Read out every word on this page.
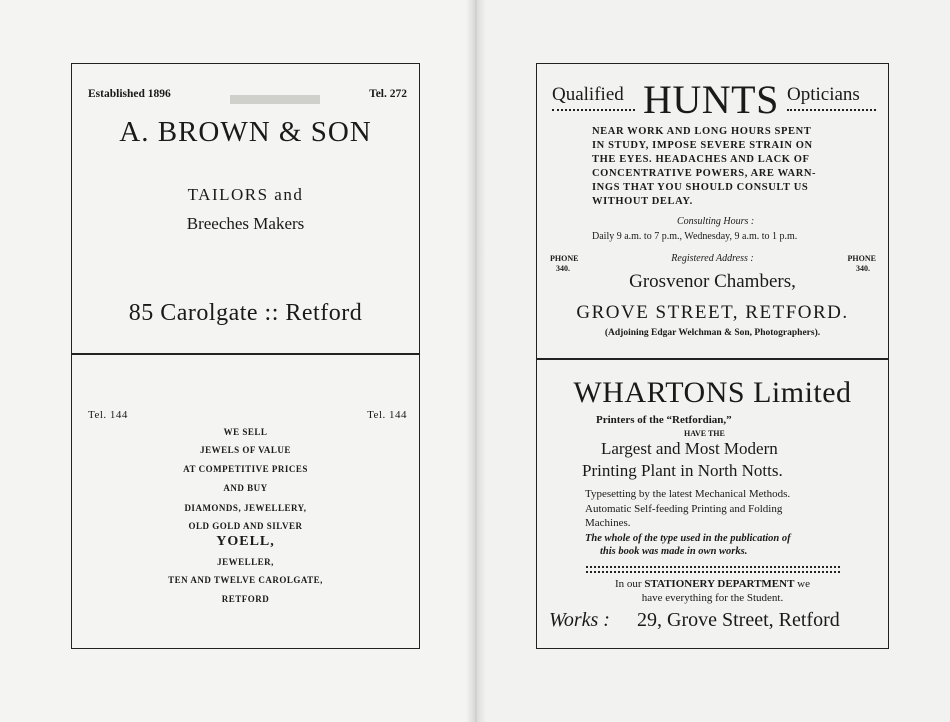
▬▬▬

Established 1896	Tel. 272

A. BROWN & SON

TAILORS and

Breeches Makers

85 Carolgate :: Retford

Tel. 144	Tel. 144

WE SELL

JEWELS OF VALUE

AT COMPETITIVE PRICES

AND BUY

DIAMONDS, JEWELLERY,

OLD GOLD AND SILVER

YOELL,

JEWELLER,

TEN AND TWELVE CAROLGATE,

RETFORD

Qualified HUNTS Opticians

NEAR WORK AND LONG HOURS SPENT

IN STUDY, IMPOSE SEVERE STRAIN ON

THE EYES. HEADACHES AND LACK OF

CONCENTRATIVE POWERS, ARE WARN-

INGS THAT YOU SHOULD CONSULT US

WITHOUT DELAY.

Consulting Hours :

Daily 9 a.m. to 7 p.m., Wednesday, 9 a.m. to 1 p.m.

PHONE

340.

PHONE

340.

Registered Address :

Grosvenor Chambers,

GROVE STREET, RETFORD.

(Adjoining Edgar Welchman & Son, Photographers).

WHARTONS Limited

Printers of the “Retfordian,”

HAVE THE

Largest and Most Modern

Printing Plant in North Notts.

Typesetting by the latest Mechanical Methods.

Automatic Self-feeding Printing and Folding

Machines.

The whole of the type used in the publication of

this book was made in own works.

In our STATIONERY DEPARTMENT we

have everything for the Student.

Works : 29, Grove Street, Retford
